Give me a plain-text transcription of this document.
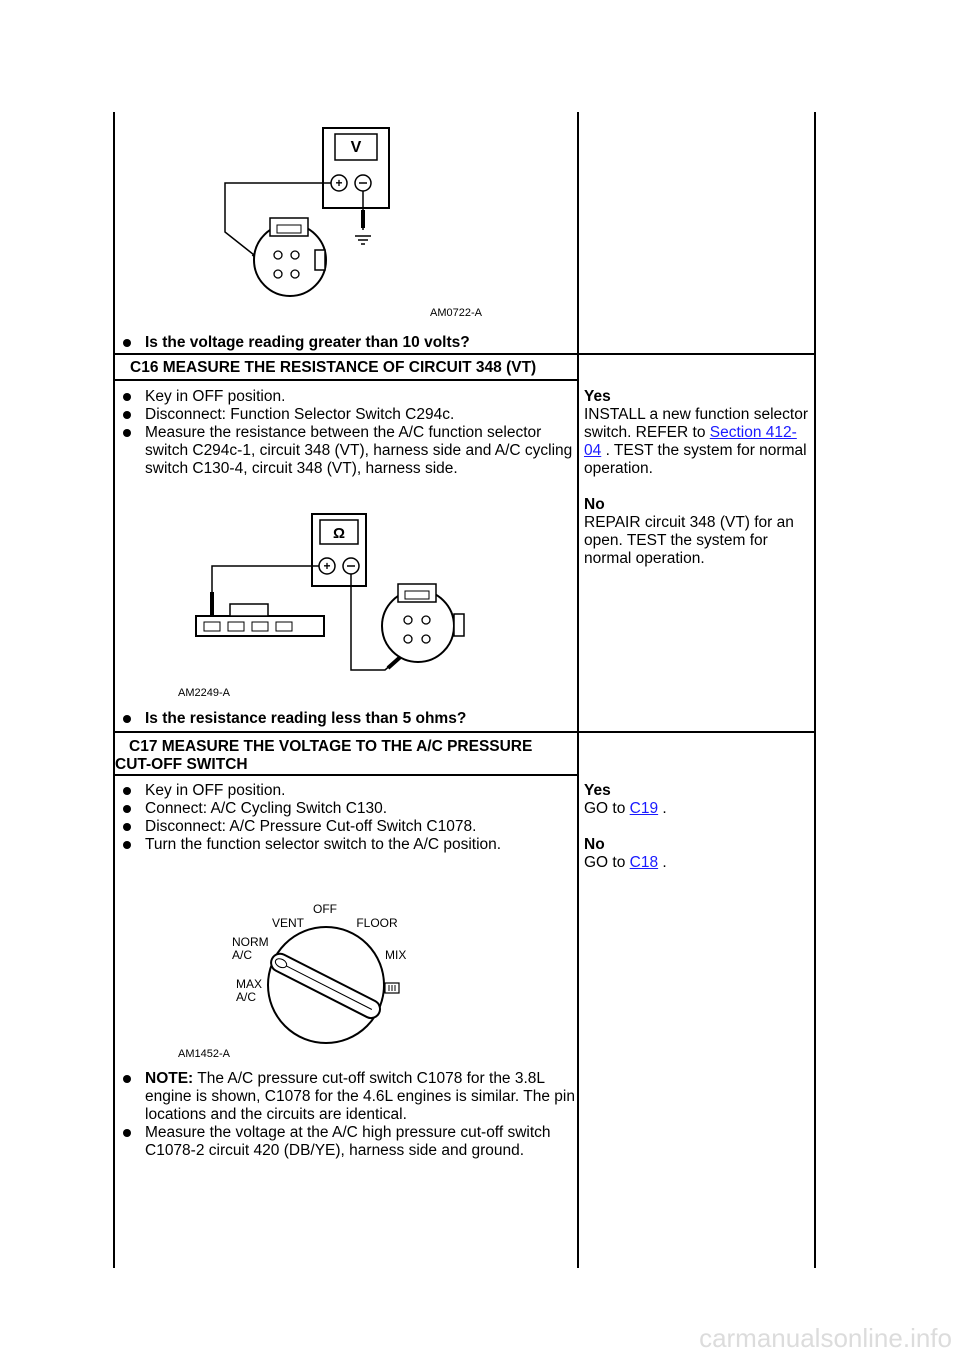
V
+
AM0722-A
Is the voltage reading greater than 10 volts?
C16 MEASURE THE RESISTANCE OF CIRCUIT 348 (VT)
Key in OFF position.
Disconnect: Function Selector Switch C294c.
Measure the resistance between the A/C function selector switch C294c-1, circuit 348 (VT), harness side and A/C cycling switch C130-4, circuit 348 (VT), harness side.
Ω
+
AM2249-A
Is the resistance reading less than 5 ohms?
Yes
INSTALL a new function selector switch. REFER to Section 412-04 . TEST the system for normal operation.
No
REPAIR circuit 348 (VT) for an open. TEST the system for normal operation.
C17 MEASURE THE VOLTAGE TO THE A/C PRESSURE CUT-OFF SWITCH
Key in OFF position.
Connect: A/C Cycling Switch C130.
Disconnect: A/C Pressure Cut-off Switch C1078.
Turn the function selector switch to the A/C position.
OFF
VENT	FLOOR
NORM
A/C	MIX
MAX
A/C
AM1452-A
NOTE: The A/C pressure cut-off switch C1078 for the 3.8L engine is shown, C1078 for the 4.6L engines is similar. The pin locations and the circuits are identical.
Measure the voltage at the A/C high pressure cut-off switch C1078-2 circuit 420 (DB/YE), harness side and ground.
Yes
GO to C19 .
No
GO to C18 .
carmanualsonline.info
